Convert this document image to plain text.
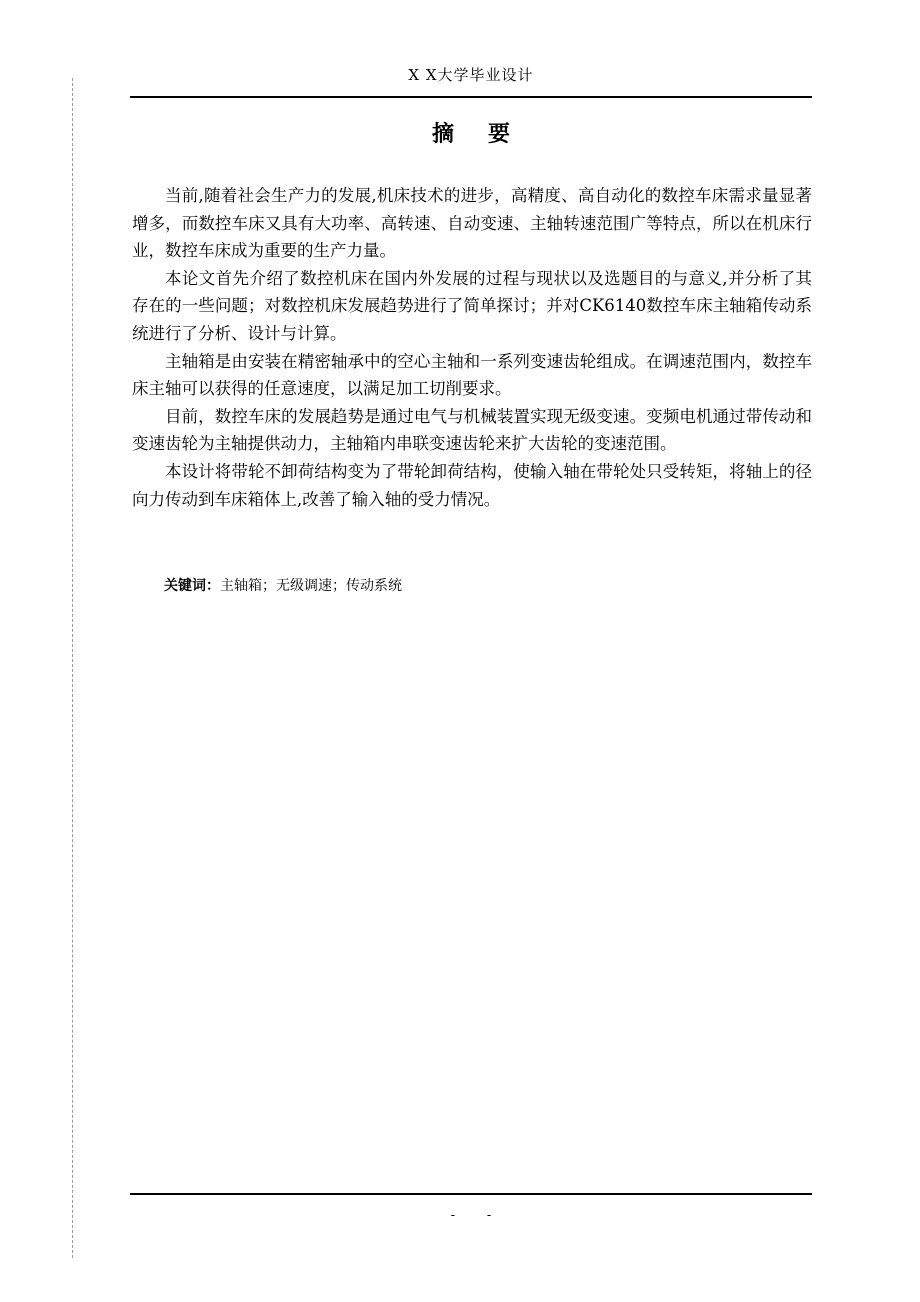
X X大学毕业设计
摘要

当前,随着社会生产力的发展,机床技术的进步，高精度、高自动化的数控车床需求量显著增多，而数控车床又具有大功率、高转速、自动变速、主轴转速范围广等特点，所以在机床行业，数控车床成为重要的生产力量。

本论文首先介绍了数控机床在国内外发展的过程与现状以及选题目的与意义,并分析了其存在的一些问题；对数控机床发展趋势进行了简单探讨；并对CK6140数控车床主轴箱传动系统进行了分析、设计与计算。

主轴箱是由安装在精密轴承中的空心主轴和一系列变速齿轮组成。在调速范围内，数控车床主轴可以获得的任意速度，以满足加工切削要求。

目前，数控车床的发展趋势是通过电气与机械装置实现无级变速。变频电机通过带传动和变速齿轮为主轴提供动力，主轴箱内串联变速齿轮来扩大齿轮的变速范围。

本设计将带轮不卸荷结构变为了带轮卸荷结构，使输入轴在带轮处只受转矩，将轴上的径向力传动到车床箱体上,改善了输入轴的受力情况。

关键词：主轴箱；无级调速；传动系统
- -
